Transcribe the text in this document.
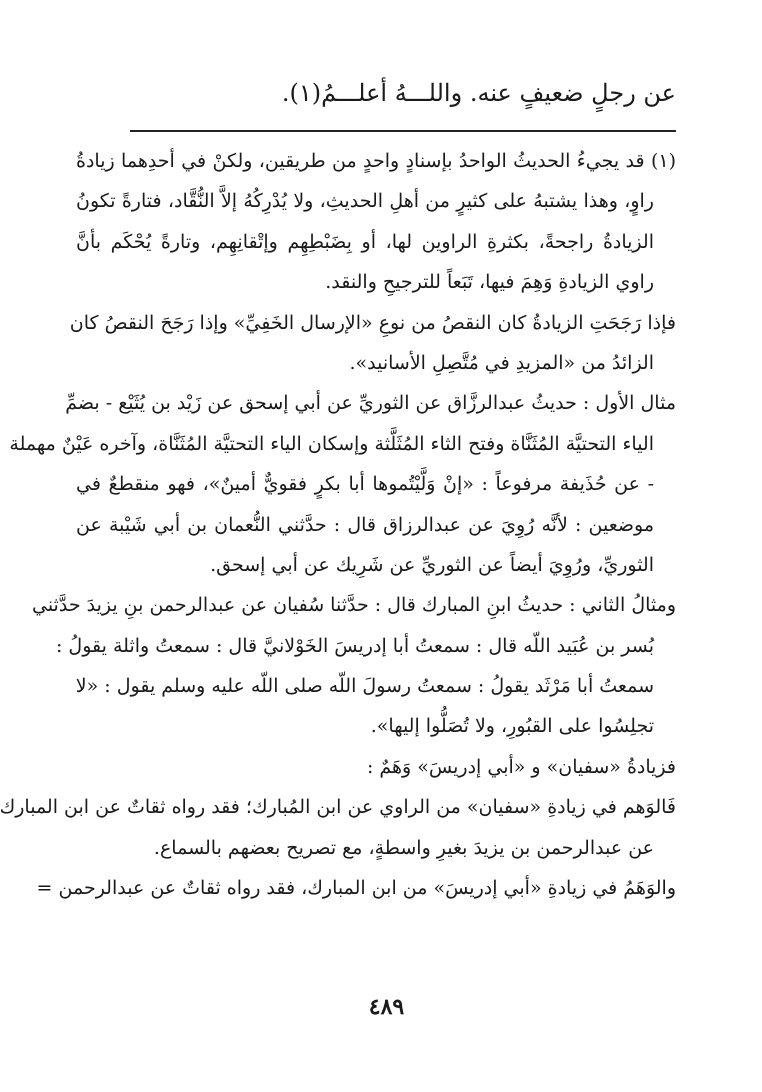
عن رجلٍ ضعيفٍ عنه. واللـــهُ أعلـــمُ(١).
(١) قد يجيءُ الحديثُ الواحدُ بإسنادٍ واحدٍ من طريقين، ولكنْ في أحدِهما زيادةُ
راوٍ، وهذا يشتبهُ على كثيرٍ من أهلِ الحديثِ، ولا يُدْرِكُهُ إلاَّ النُّقَّاد، فتارةً تكونُ
الزيادةُ راجحةً، بكثرةِ الراوين لها، أو بِضَبْطِهِم وإتْقانِهِم، وتارةً يُحْكَم بأنَّ
راوي الزيادةِ وَهِمَ فيها، تَبَعاً للترجيحِ والنقد.
فإذا رَجَحَتِ الزيادةُ كان النقصُ من نوعِ «الإرسال الخَفِيِّ» وإذا رَجَحَ النقصُ كان
الزائدُ من «المزيدِ في مُتَّصِلِ الأسانيد».
مثال الأول : حديثُ عبدالرزَّاق عن الثوريِّ عن أبي إسحق عن زَيْد بن يُثَيْع - بضمِّ
الياء التحتيَّة المُثَنَّاة وفتح الثاء المُثَلَّثة وإسكان الياء التحتيَّة المُثَنَّاة، وآخره عَيْنٌ مهملة
- عن حُذَيفة مرفوعاً : «إنْ وَلَّيْتُموها أبا بكرٍ فقويٌّ أمينٌ»، فهو منقطعٌ في
موضعين : لأنَّه رُوِيَ عن عبدالرزاق قال : حدَّثني النُّعمان بن أبي شَيْبة عن
الثوريِّ، ورُوِيَ أيضاً عن الثوريِّ عن شَرِيك عن أبي إسحق.
ومثالُ الثاني : حديثُ ابنِ المبارك قال : حدَّثنا سُفيان عن عبدالرحمن بنِ يزيدَ حدَّثني
بُسر بن عُبَيد اللّه قال : سمعتُ أبا إدريسَ الخَوْلانيَّ قال : سمعتُ واثلة يقولُ :
سمعتُ أبا مَرْثَد يقولُ : سمعتُ رسولَ اللّه صلى اللّه عليه وسلم يقول : «لا
تجلِسُوا على القبُورِ، ولا تُصَلُّوا إليها».
فزيادةُ «سفيان» و «أبي إدريسَ» وَهَمٌ :
فَالوَهم في زيادةِ «سفيان» من الراوي عن ابن المُبارك؛ فقد رواه ثقاتٌ عن ابن المبارك
عن عبدالرحمن بن يزيدَ بغيرِ واسطةٍ، مع تصريح بعضهم بالسماع.
والوَهَمُ في زيادةِ «أبي إدريسَ» من ابن المبارك، فقد رواه ثقاتٌ عن عبدالرحمن =
٤٨٩
